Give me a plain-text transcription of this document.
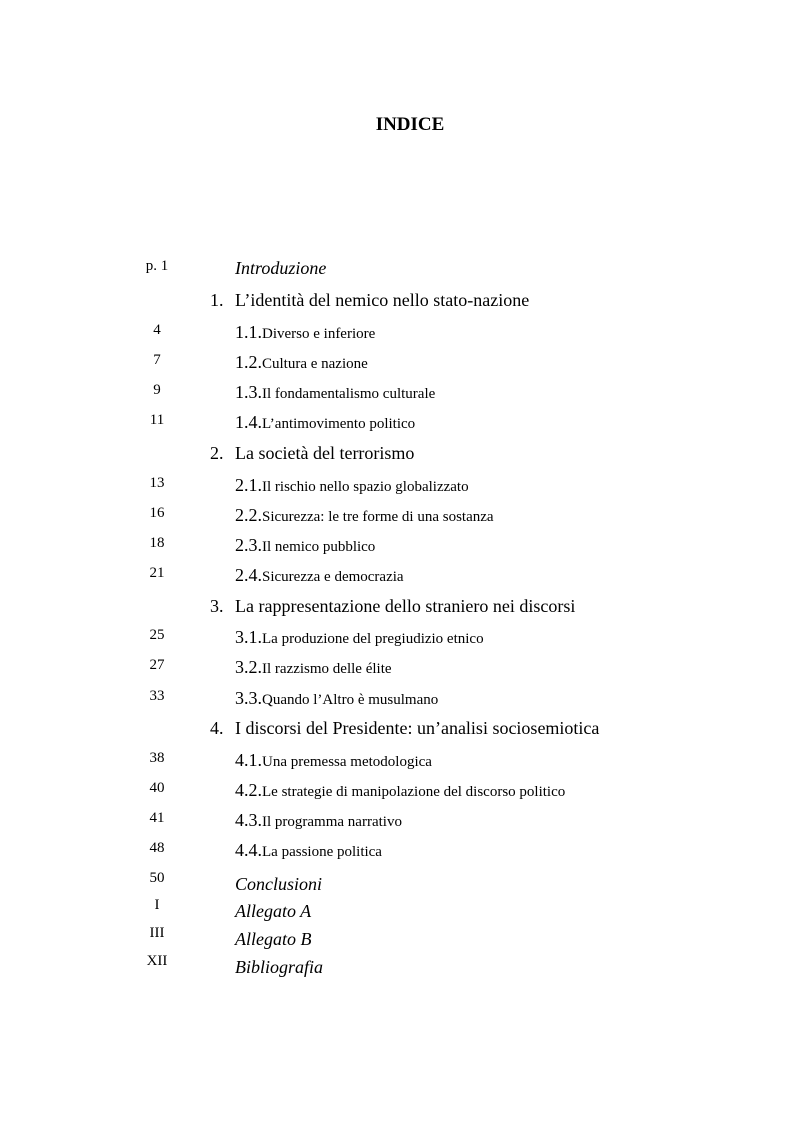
INDICE
p. 1	Introduzione
1. L’identità del nemico nello stato-nazione
4	1.1.Diverso e inferiore
7	1.2.Cultura e nazione
9	1.3.Il fondamentalismo culturale
11	1.4.L’antimovimento politico
2. La società del terrorismo
13	2.1.Il rischio nello spazio globalizzato
16	2.2.Sicurezza: le tre forme di una sostanza
18	2.3.Il nemico pubblico
21	2.4.Sicurezza e democrazia
3. La rappresentazione dello straniero nei discorsi
25	3.1.La produzione del pregiudizio etnico
27	3.2.Il razzismo delle élite
33	3.3.Quando l’Altro è musulmano
4. I discorsi del Presidente: un’analisi sociosemiotica
38	4.1.Una premessa metodologica
40	4.2.Le strategie di manipolazione del discorso politico
41	4.3.Il programma narrativo
48	4.4.La passione politica
50	Conclusioni
I	Allegato A
III	Allegato B
XII	Bibliografia
